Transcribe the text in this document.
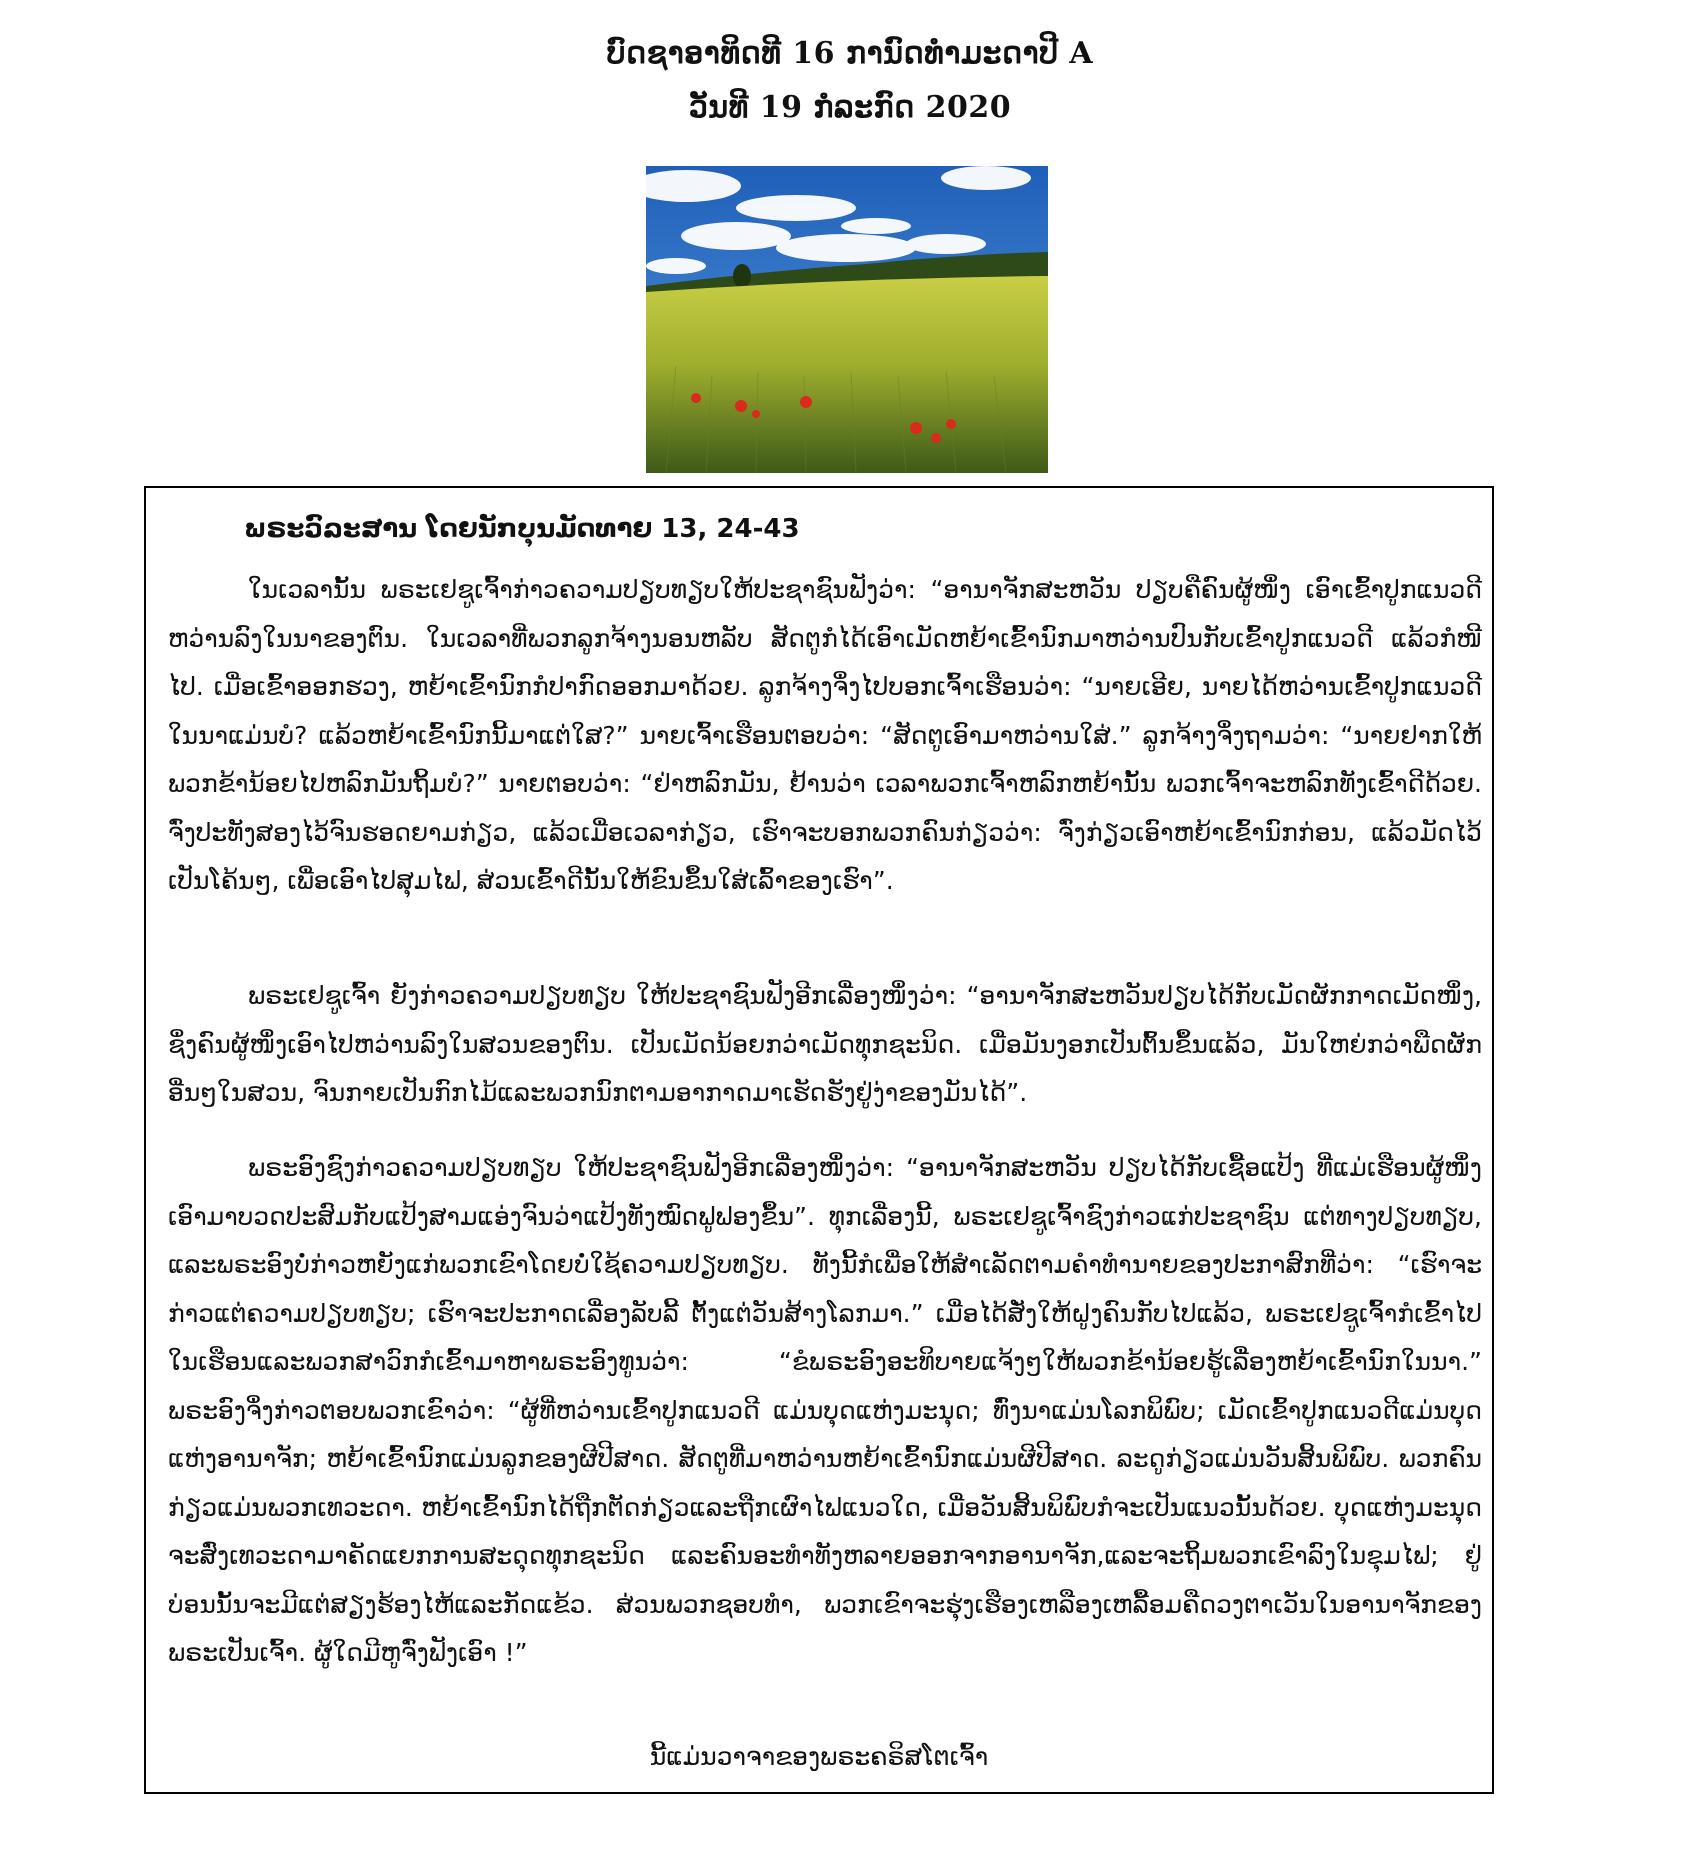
ບົດຊາອາທິດທີ 16 ການົດທໍາມະດາປີ A
ວັນທີ 19 ກໍລະກົດ 2020
ພຣະວົລະສານ ໂດຍນັກບຸນມັດທາຍ 13, 24-43

ໃນເວລານັ້ນ ພຣະເຢຊູເຈົ້າກ່າວຄວາມປຽບທຽບໃຫ້ປະຊາຊົນຟັງວ່າ: “ອານາຈັກສະຫວັນ ປຽບຄືຄົນຜູ້ໜຶ່ງ ເອົາເຂົ້າປູກແນວດີຫວ່ານລົງໃນນາຂອງຕົນ. ໃນເວລາທີ່ພວກລູກຈ້າງນອນຫລັບ ສັດຕູກໍໄດ້ເອົາເມັດຫຍ້າເຂົ້ານົກມາຫວ່ານປົນກັບເຂົ້າປູກແນວດີ ແລ້ວກໍໜີໄປ. ເມື່ອເຂົ້າອອກຮວງ, ຫຍ້າເຂົ້ານົກກໍປາກົດອອກມາດ້ວຍ. ລູກຈ້າງຈຶ່ງໄປບອກເຈົ້າເຮືອນວ່າ: “ນາຍເອີຍ, ນາຍໄດ້ຫວ່ານເຂົ້າປູກແນວດີໃນນາແມ່ນບໍ? ແລ້ວຫຍ້າເຂົ້ານົກນີ້ມາແຕ່ໃສ?” ນາຍເຈົ້າເຮືອນຕອບວ່າ: “ສັດຕູເອົາມາຫວ່ານໃສ່.” ລູກຈ້າງຈຶ່ງຖາມວ່າ: “ນາຍຢາກໃຫ້ພວກຂ້ານ້ອຍໄປຫລົກມັນຖິ້ມບໍ?” ນາຍຕອບວ່າ: “ຢ່າຫລົກມັນ, ຢ້ານວ່າ ເວລາພວກເຈົ້າຫລົກຫຍ້ານັ້ນ ພວກເຈົ້າຈະຫລົກທັງເຂົ້າດີດ້ວຍ. ຈົ່ງປະທັງສອງໄວ້ຈົນຮອດຍາມກ່ຽວ, ແລ້ວເມື່ອເວລາກ່ຽວ, ເຮົາຈະບອກພວກຄົນກ່ຽວວ່າ: ຈົ່ງກ່ຽວເອົາຫຍ້າເຂົ້ານົກກ່ອນ, ແລ້ວມັດໄວ້ເປັນໂຄ້ນໆ, ເພື່ອເອົາໄປສຸມໄຟ, ສ່ວນເຂົ້າດີນັ້ນໃຫ້ຂົນຂຶ້ນໃສ່ເລົ້າຂອງເຮົາ”.

ພຣະເຢຊູເຈົ້າ ຍັງກ່າວຄວາມປຽບທຽບ ໃຫ້ປະຊາຊົນຟັງອີກເລື່ອງໜຶ່ງວ່າ: “ອານາຈັກສະຫວັນປຽບໄດ້ກັບເມັດຜັກກາດເມັດໜຶ່ງ, ຊຶ່ງຄົນຜູ້ໜຶ່ງເອົາໄປຫວ່ານລົງໃນສວນຂອງຕົນ. ເປັນເມັດນ້ອຍກວ່າເມັດທຸກຊະນິດ. ເມື່ອມັນງອກເປັນຕົ້ນຂຶ້ນແລ້ວ, ມັນໃຫຍ່ກວ່າພືດຜັກອື່ນໆໃນສວນ, ຈົນກາຍເປັນກົກໄມ້ແລະພວກນົກຕາມອາກາດມາເຮັດຮັງຢູ່ງ່າຂອງມັນໄດ້”.

ພຣະອົງຊົງກ່າວຄວາມປຽບທຽບ ໃຫ້ປະຊາຊົນຟັງອີກເລື່ອງໜຶ່ງວ່າ: “ອານາຈັກສະຫວັນ ປຽບໄດ້ກັບເຊື້ອແປ້ງ ທີ່ແມ່ເຮືອນຜູ້ໜຶ່ງເອົາມາບວດປະສົມກັບແປ້ງສາມແອ່ງຈົນວ່າແປ້ງທັງໝົດຟູຟອງຂຶ້ນ”. ທຸກເລື່ອງນີ້, ພຣະເຢຊູເຈົ້າຊົງກ່າວແກ່ປະຊາຊົນ ແຕ່ທາງປຽບທຽບ, ແລະພຣະອົງບໍ່ກ່າວຫຍັງແກ່ພວກເຂົາໂດຍບໍ່ໃຊ້ຄວາມປຽບທຽບ. ທັງນີ້ກໍເພື່ອໃຫ້ສໍາເລັດຕາມຄໍາທໍານາຍຂອງປະກາສົກທີ່ວ່າ: “ເຮົາຈະກ່າວແຕ່ຄວາມປຽບທຽບ; ເຮົາຈະປະກາດເລື່ອງລັບລີ້ ຕັ້ງແຕ່ວັນສ້າງໂລກມາ.” ເມື່ອໄດ້ສັ່ງໃຫ້ຝູງຄົນກັບໄປແລ້ວ, ພຣະເຢຊູເຈົ້າກໍເຂົ້າໄປໃນເຮືອນແລະພວກສາວົກກໍເຂົ້າມາຫາພຣະອົງທູນວ່າ: “ຂໍພຣະອົງອະທິບາຍແຈ້ງໆໃຫ້ພວກຂ້ານ້ອຍຮູ້ເລື່ອງຫຍ້າເຂົ້ານົກໃນນາ.” ພຣະອົງຈຶ່ງກ່າວຕອບພວກເຂົາວ່າ: “ຜູ້ທີ່ຫວ່ານເຂົ້າປູກແນວດີ ແມ່ນບຸດແຫ່ງມະນຸດ; ທົ່ງນາແມ່ນໂລກພິພົບ; ເມັດເຂົ້າປູກແນວດີແມ່ນບຸດແຫ່ງອານາຈັກ; ຫຍ້າເຂົ້ານົກແມ່ນລູກຂອງຜີປີສາດ. ສັດຕູທີ່ມາຫວ່ານຫຍ້າເຂົ້ານົກແມ່ນຜີປີສາດ. ລະດູກ່ຽວແມ່ນວັນສິ້ນພິພົບ. ພວກຄົນກ່ຽວແມ່ນພວກເທວະດາ. ຫຍ້າເຂົ້ານົກໄດ້ຖືກຕັດກ່ຽວແລະຖືກເຜົາໄຟແນວໃດ, ເມື່ອວັນສິ້ນພິພົບກໍຈະເປັນແນວນັ້ນດ້ວຍ. ບຸດແຫ່ງມະນຸດຈະສົ່ງເທວະດາມາຄັດແຍກການສະດຸດທຸກຊະນິດ ແລະຄົນອະທໍາທັງຫລາຍອອກຈາກອານາຈັກ,ແລະຈະຖິ້ມພວກເຂົາລົງໃນຂຸມໄຟ; ຢູ່ບ່ອນນັ້ນຈະມີແຕ່ສຽງຮ້ອງໄຫ້ແລະກັດແຂ້ວ. ສ່ວນພວກຊອບທໍາ, ພວກເຂົາຈະຮຸ່ງເຮືອງເຫລືອງເຫລື້ອມຄືດວງຕາເວັນໃນອານາຈັກຂອງພຣະເປັນເຈົ້າ. ຜູ້ໃດມີຫູຈົ່ງຟັງເອົາ !”

ນີ້ແມ່ນວາຈາຂອງພຣະຄຣິສໂຕເຈົ້າ
